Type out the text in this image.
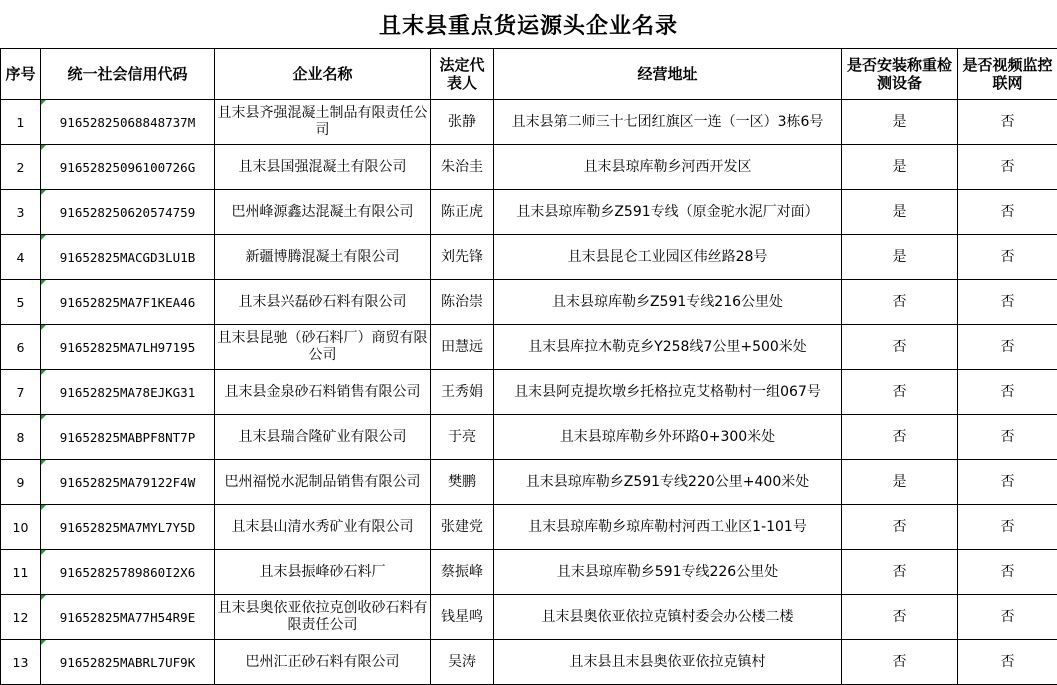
且末县重点货运源头企业名录
序号	统一社会信用代码	企业名称	法定代表人	经营地址	是否安装称重检测设备	是否视频监控联网
1	91652825068848737M	且末县齐强混凝土制品有限责任公司	张静	且末县第二师三十七团红旗区一连（一区）3栋6号	是	否
2	91652825096100726G	且末县国强混凝土有限公司	朱治圭	且末县琼库勒乡河西开发区	是	否
3	916528250620574759	巴州峰源鑫达混凝土有限公司	陈正虎	且末县琼库勒乡Z591专线（原金驼水泥厂对面）	是	否
4	91652825MACGD3LU1B	新疆博腾混凝土有限公司	刘先锋	且末县昆仑工业园区伟丝路28号	是	否
5	91652825MA7F1KEA46	且末县兴磊砂石料有限公司	陈治崇	且末县琼库勒乡Z591专线216公里处	否	否
6	91652825MA7LH97195	且末县昆驰（砂石料厂）商贸有限公司	田慧远	且末县库拉木勒克乡Y258线7公里+500米处	否	否
7	91652825MA78EJKG31	且末县金泉砂石料销售有限公司	王秀娟	且末县阿克提坎墩乡托格拉克艾格勒村一组067号	否	否
8	91652825MABPF8NT7P	且末县瑞合隆矿业有限公司	于亮	且末县琼库勒乡外环路0+300米处	否	否
9	91652825MA79122F4W	巴州福悦水泥制品销售有限公司	樊鹏	且末县琼库勒乡Z591专线220公里+400米处	是	否
10	91652825MA7MYL7Y5D	且末县山清水秀矿业有限公司	张建党	且末县琼库勒乡琼库勒村河西工业区1-101号	否	否
11	91652825789860I2X6	且末县振峰砂石料厂	蔡振峰	且末县琼库勒乡591专线226公里处	否	否
12	91652825MA77H54R9E	且末县奥依亚依拉克创收砂石料有限责任公司	钱星鸣	且末县奥依亚依拉克镇村委会办公楼二楼	否	否
13	91652825MABRL7UF9K	巴州汇正砂石料有限公司	吴涛	且末县且末县奥依亚依拉克镇村	否	否
